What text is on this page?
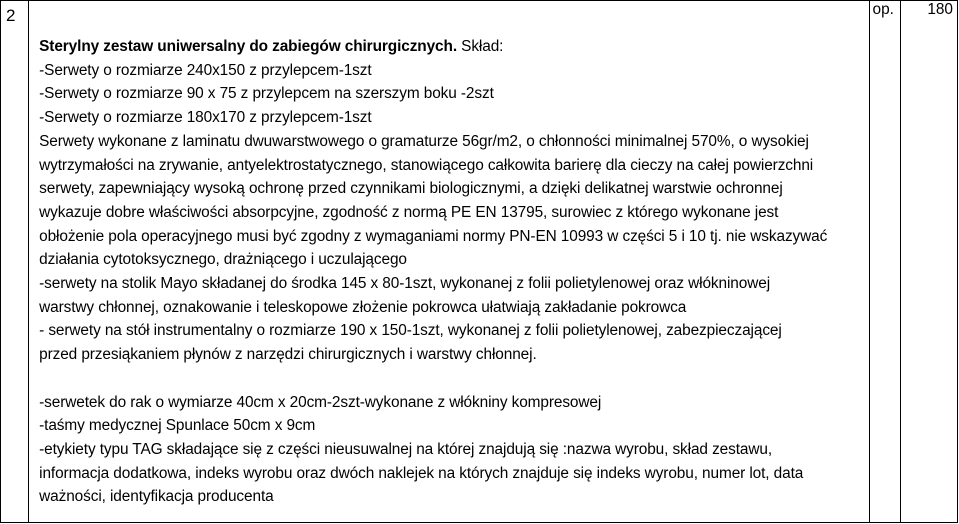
2

Sterylny zestaw uniwersalny do zabiegów chirurgicznych. Skład:
-Serwety o rozmiarze 240x150 z przylepcem-1szt
-Serwety o rozmiarze 90 x 75 z przylepcem na szerszym boku -2szt
-Serwety o rozmiarze 180x170 z przylepcem-1szt
Serwety wykonane z laminatu dwuwarstwowego o gramaturze 56gr/m2, o chłonności minimalnej 570%, o wysokiej
wytrzymałości na zrywanie, antyelektrostatycznego, stanowiącego całkowita barierę dla cieczy na całej powierzchni
serwety, zapewniający wysoką ochronę przed czynnikami biologicznymi, a dzięki delikatnej warstwie ochronnej
wykazuje dobre właściwości absorpcyjne, zgodność z normą PE EN 13795, surowiec z którego wykonane jest
obłożenie pola operacyjnego musi być zgodny z wymaganiami normy PN-EN 10993 w części 5 i 10 tj. nie wskazywać
działania cytotoksycznego, drażniącego i uczulającego
-serwety na stolik Mayo składanej do środka 145 x 80-1szt, wykonanej z folii polietylenowej oraz włókninowej
warstwy chłonnej, oznakowanie i teleskopowe złożenie pokrowca ułatwiają zakładanie pokrowca
- serwety na stół instrumentalny o rozmiarze 190 x 150-1szt, wykonanej z folii polietylenowej, zabezpieczającej
przed przesiąkaniem płynów z narzędzi chirurgicznych i warstwy chłonnej.
-serwetek do rak o wymiarze 40cm x 20cm-2szt-wykonane z włókniny kompresowej
-taśmy medycznej Spunlace 50cm x 9cm
-etykiety typu TAG składające się z części nieusuwalnej na której znajdują się :nazwa wyrobu, skład zestawu,
informacja dodatkowa, indeks wyrobu oraz dwóch naklejek na których znajduje się indeks wyrobu, numer lot, data
ważności, identyfikacja producenta

op.	180
